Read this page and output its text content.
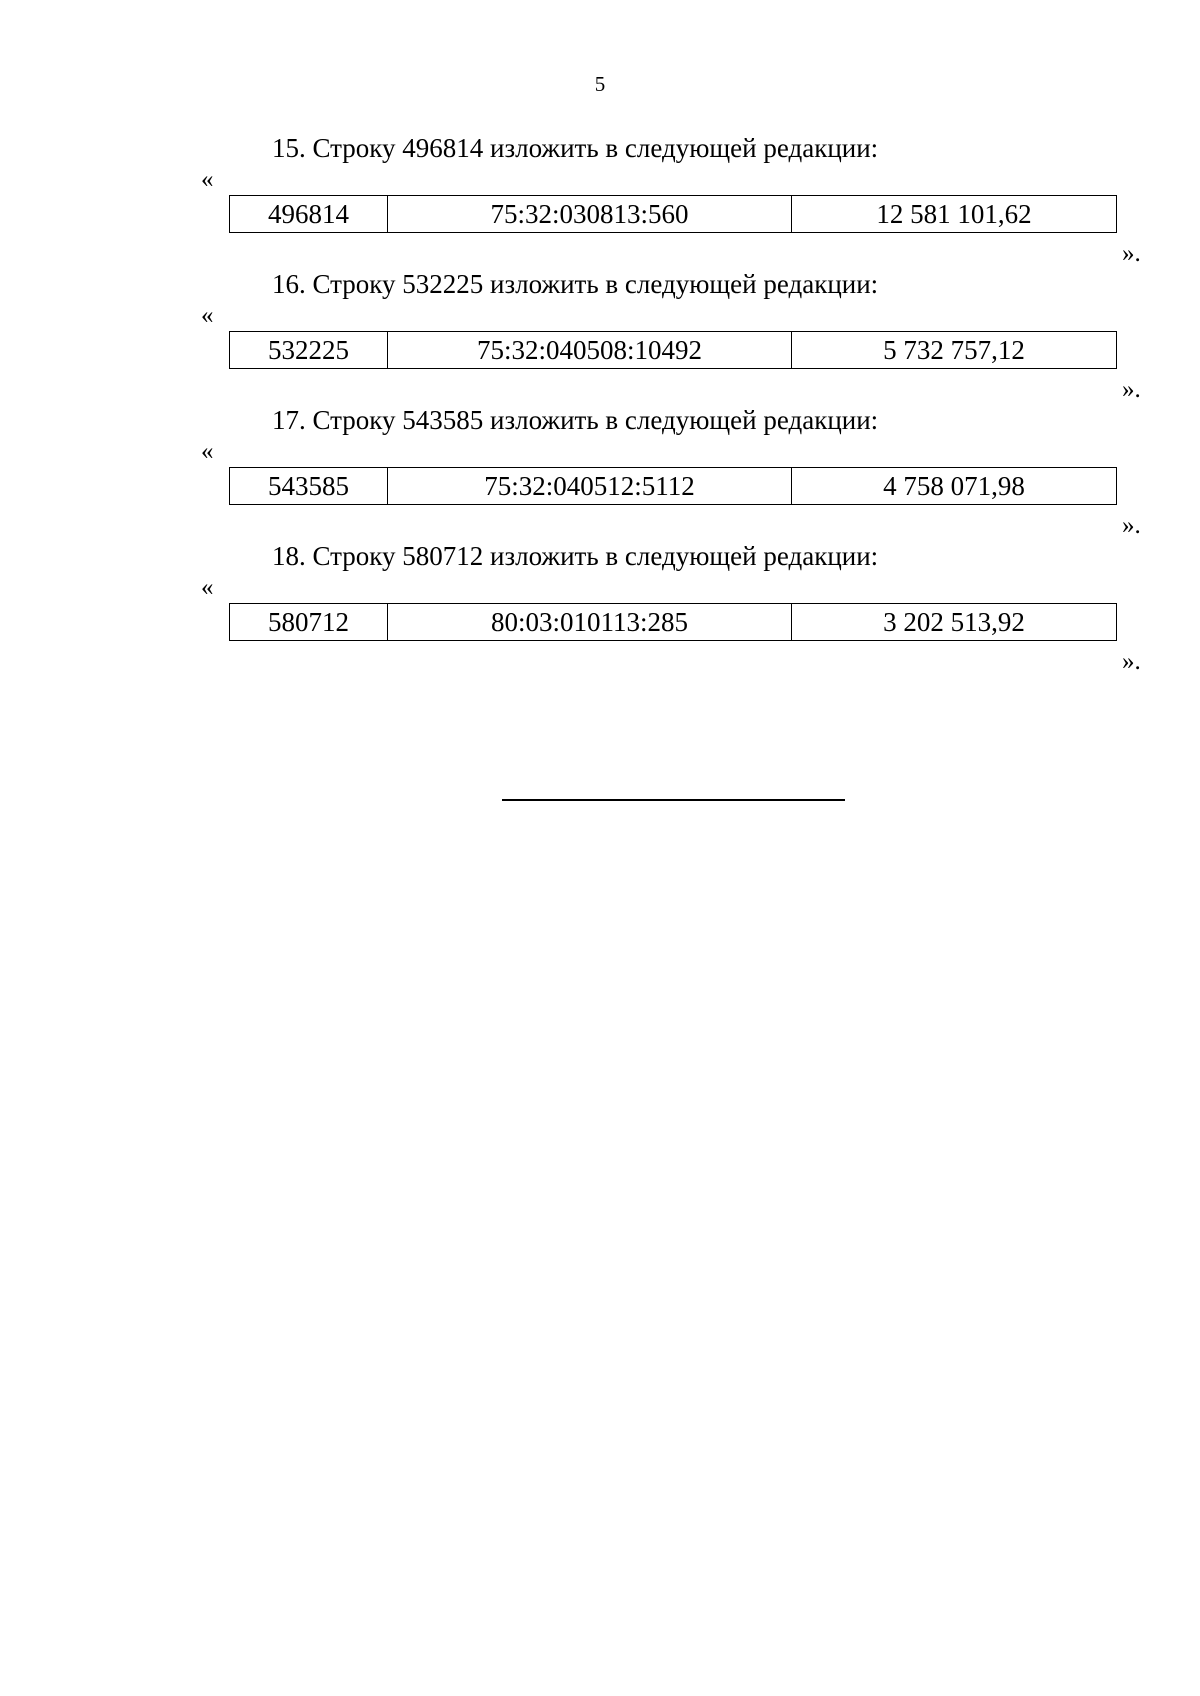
5
15. Строку 496814 изложить в следующей редакции:
«
496814	75:32:030813:560	12 581 101,62
».
16. Строку 532225 изложить в следующей редакции:
«
532225	75:32:040508:10492	5 732 757,12
».
17. Строку 543585 изложить в следующей редакции:
«
543585	75:32:040512:5112	4 758 071,98
».
18. Строку 580712 изложить в следующей редакции:
«
580712	80:03:010113:285	3 202 513,92
».
